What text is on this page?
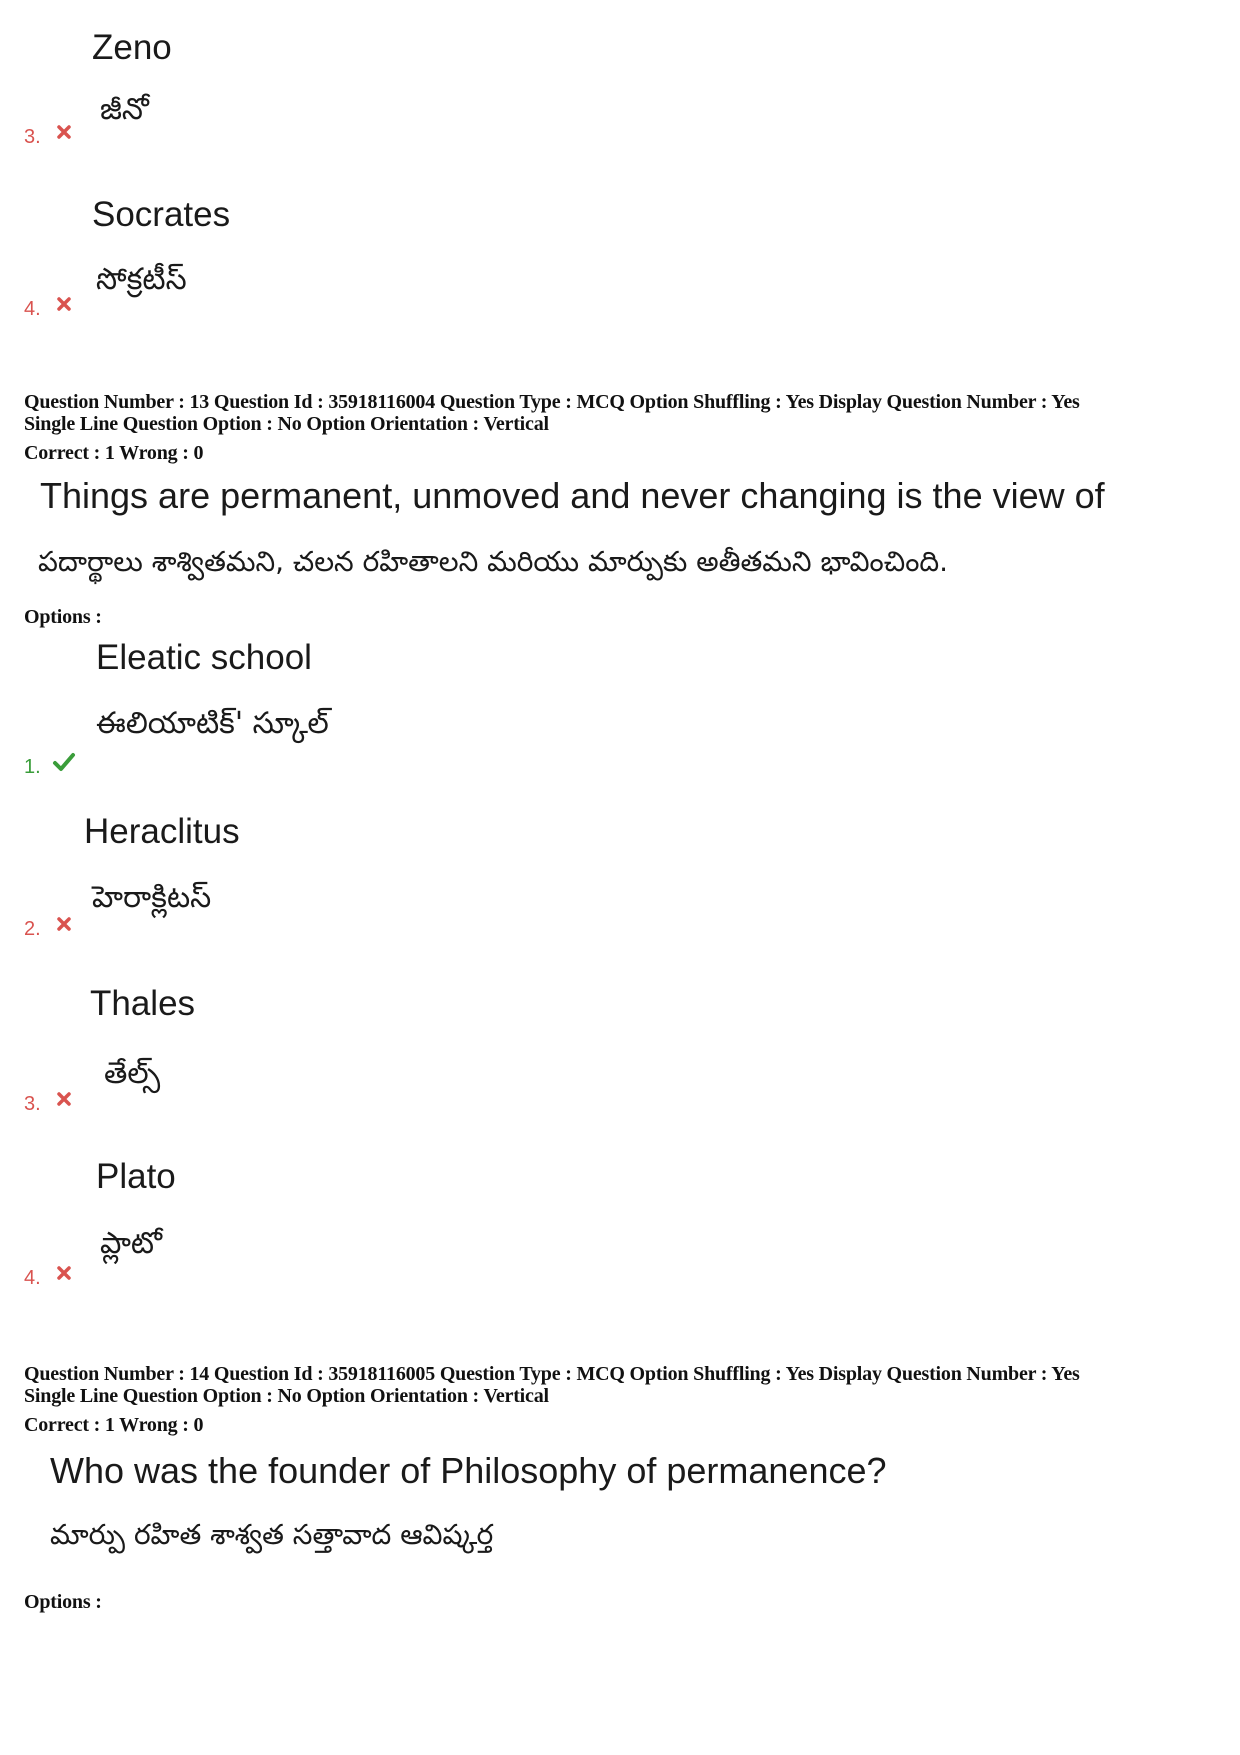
Zeno
జీనో
3.
Socrates
సోక్రటీస్
4.
Question Number : 13 Question Id : 35918116004 Question Type : MCQ Option Shuffling : Yes Display Question Number : Yes
Single Line Question Option : No Option Orientation : Vertical
Correct : 1 Wrong : 0
Things are permanent, unmoved and never changing is the view of
పదార్థాలు శాశ్వితమని, చలన రహితాలని మరియు మార్పుకు అతీతమని భావించింది.
Options :
Eleatic school
ఈలియాటిక్' స్కూల్
1.
Heraclitus
హెరాక్లిటస్
2.
Thales
తేల్స్
3.
Plato
ప్లాటో
4.
Question Number : 14 Question Id : 35918116005 Question Type : MCQ Option Shuffling : Yes Display Question Number : Yes
Single Line Question Option : No Option Orientation : Vertical
Correct : 1 Wrong : 0
Who was the founder of Philosophy of permanence?
మార్పు రహిత శాశ్వత సత్తావాద ఆవిష్కర్త
Options :
